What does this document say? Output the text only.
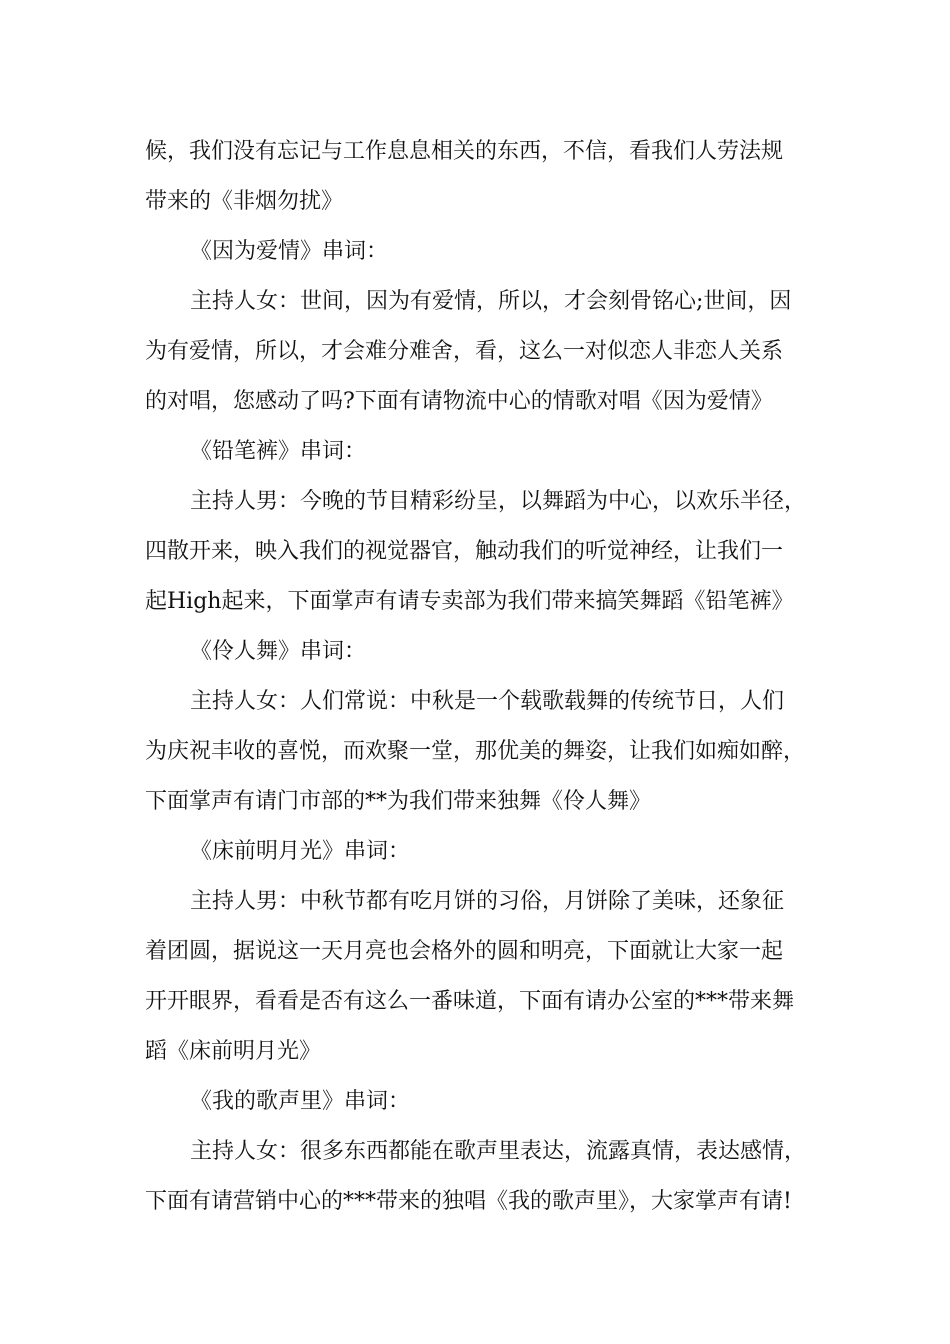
候，我们没有忘记与工作息息相关的东西，不信，看我们人劳法规
带来的《非烟勿扰》
《因为爱情》串词：
主持人女：世间，因为有爱情，所以，才会刻骨铭心;世间，因
为有爱情，所以，才会难分难舍，看，这么一对似恋人非恋人关系
的对唱，您感动了吗?下面有请物流中心的情歌对唱《因为爱情》
《铅笔裤》串词：
主持人男：今晚的节目精彩纷呈，以舞蹈为中心，以欢乐半径，
四散开来，映入我们的视觉器官，触动我们的听觉神经，让我们一
起High起来，下面掌声有请专卖部为我们带来搞笑舞蹈《铅笔裤》
《伶人舞》串词：
主持人女：人们常说：中秋是一个载歌载舞的传统节日，人们
为庆祝丰收的喜悦，而欢聚一堂，那优美的舞姿，让我们如痴如醉，
下面掌声有请门市部的**为我们带来独舞《伶人舞》
《床前明月光》串词：
主持人男：中秋节都有吃月饼的习俗，月饼除了美味，还象征
着团圆，据说这一天月亮也会格外的圆和明亮，下面就让大家一起
开开眼界，看看是否有这么一番味道，下面有请办公室的***带来舞
蹈《床前明月光》
《我的歌声里》串词：
主持人女：很多东西都能在歌声里表达，流露真情，表达感情，
下面有请营销中心的***带来的独唱《我的歌声里》，大家掌声有请!
